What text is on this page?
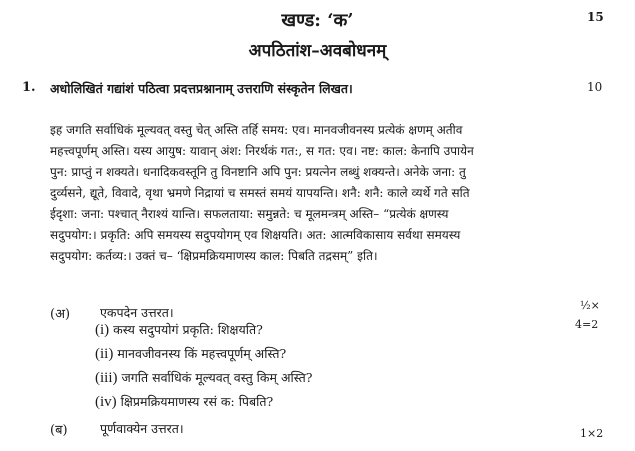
खण्ड: ‘क’	15
अपठितांश–अवबोधनम्
1. अधोलिखितं गद्यांशं पठित्वा प्रदत्तप्रश्नानाम् उत्तराणि संस्कृतेन लिखत।	10
इह जगति सर्वाधिकं मूल्यवत् वस्तु चेत् अस्ति तर्हि समय: एव। मानवजीवनस्य प्रत्येकं क्षणम् अतीव
महत्त्वपूर्णम् अस्ति। यस्य आयुष: यावान् अंश: निरर्थकं गत:, स गत: एव। नष्ट: काल: केनापि उपायेन
पुन: प्राप्तुं न शक्यते। धनादिकवस्तूनि तु विनष्टानि अपि पुन: प्रयत्नेन लब्धुं शक्यन्ते। अनेके जना: तु
दुर्व्यसने, द्यूते, विवादे, वृथा भ्रमणे निद्रायां च समस्तं समयं यापयन्ति। शनै: शनै: काले व्यर्थे गते सति
ईदृशा: जना: पश्चात् नैराश्यं यान्ति। सफलताया: समुन्नते: च मूलमन्त्रम् अस्ति– “प्रत्येकं क्षणस्य
सदुपयोग:। प्रकृति: अपि समयस्य सदुपयोगम् एव शिक्षयति। अत: आत्मविकासाय सर्वथा समयस्य
सदुपयोग: कर्तव्य:। उक्तं च– ‘क्षिप्रमक्रियमाणस्य काल: पिबति तद्रसम्” इति।
(अ) एकपदेन उत्तरत।	½×
4=2
(i) कस्य सदुपयोगं प्रकृति: शिक्षयति?
(ii) मानवजीवनस्य किं महत्त्वपूर्णम् अस्ति?
(iii) जगति सर्वाधिकं मूल्यवत् वस्तु किम् अस्ति?
(iv) क्षिप्रमक्रियमाणस्य रसं क: पिबति?
(ब)	पूर्णवाक्येन उत्तरत।	1×2
